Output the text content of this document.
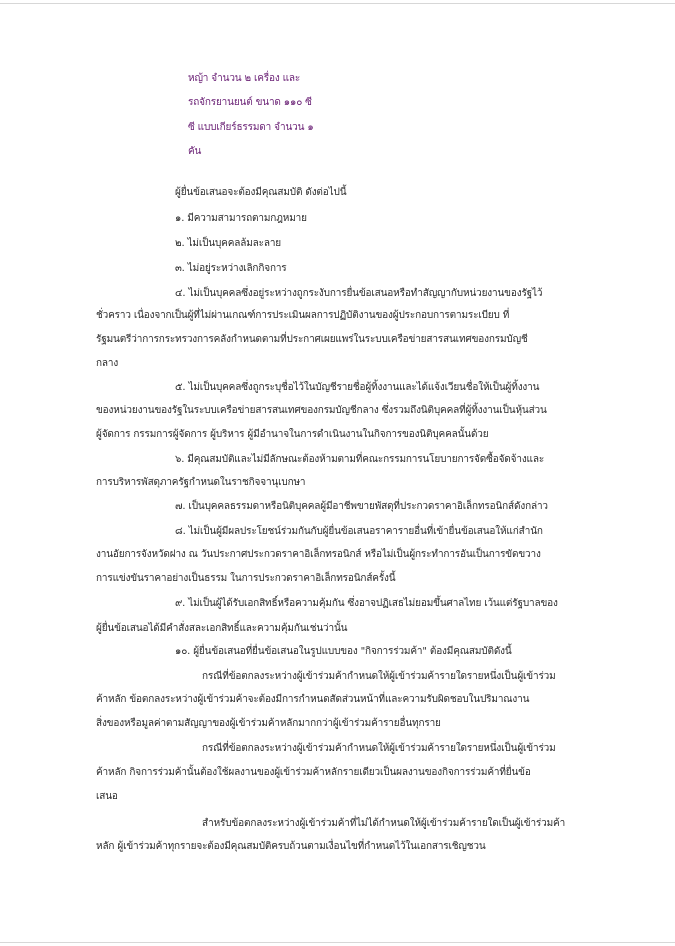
หญ้า จำนวน ๒ เครื่อง และ
รถจักรยานยนต์ ขนาด ๑๑๐ ซี
ซี แบบเกียร์ธรรมดา จำนวน ๑
คัน
ผู้ยื่นข้อเสนอจะต้องมีคุณสมบัติ ดังต่อไปนี้
๑. มีความสามารถตามกฎหมาย
๒. ไม่เป็นบุคคลล้มละลาย
๓. ไม่อยู่ระหว่างเลิกกิจการ
๔. ไม่เป็นบุคคลซึ่งอยู่ระหว่างถูกระงับการยื่นข้อเสนอหรือทำสัญญากับหน่วยงานของรัฐไว้
ชั่วคราว เนื่องจากเป็นผู้ที่ไม่ผ่านเกณฑ์การประเมินผลการปฏิบัติงานของผู้ประกอบการตามระเบียบ ที่
รัฐมนตรีว่าการกระทรวงการคลังกำหนดตามที่ประกาศเผยแพร่ในระบบเครือข่ายสารสนเทศของกรมบัญชี
กลาง
๕. ไม่เป็นบุคคลซึ่งถูกระบุชื่อไว้ในบัญชีรายชื่อผู้ทิ้งงานและได้แจ้งเวียนชื่อให้เป็นผู้ทิ้งงาน
ของหน่วยงานของรัฐในระบบเครือข่ายสารสนเทศของกรมบัญชีกลาง ซึ่งรวมถึงนิติบุคคลที่ผู้ทิ้งงานเป็นหุ้นส่วน
ผู้จัดการ กรรมการผู้จัดการ ผู้บริหาร ผู้มีอำนาจในการดำเนินงานในกิจการของนิติบุคคลนั้นด้วย
๖. มีคุณสมบัติและไม่มีลักษณะต้องห้ามตามที่คณะกรรมการนโยบายการจัดซื้อจัดจ้างและ
การบริหารพัสดุภาครัฐกำหนดในราชกิจจานุเบกษา
๗. เป็นบุคคลธรรมดาหรือนิติบุคคลผู้มีอาชีพขายพัสดุที่ประกวดราคาอิเล็กทรอนิกส์ดังกล่าว
๘. ไม่เป็นผู้มีผลประโยชน์ร่วมกันกับผู้ยื่นข้อเสนอราคารายอื่นที่เข้ายื่นข้อเสนอให้แก่สำนัก
งานอัยการจังหวัดฝาง ณ วันประกาศประกวดราคาอิเล็กทรอนิกส์ หรือไม่เป็นผู้กระทำการอันเป็นการขัดขวาง
การแข่งขันราคาอย่างเป็นธรรม ในการประกวดราคาอิเล็กทรอนิกส์ครั้งนี้
๙. ไม่เป็นผู้ได้รับเอกสิทธิ์หรือความคุ้มกัน ซึ่งอาจปฏิเสธไม่ยอมขึ้นศาลไทย เว้นแต่รัฐบาลของ
ผู้ยื่นข้อเสนอได้มีคำสั่งสละเอกสิทธิ์และความคุ้มกันเช่นว่านั้น
๑๐. ผู้ยื่นข้อเสนอที่ยื่นข้อเสนอในรูปแบบของ "กิจการร่วมค้า" ต้องมีคุณสมบัติดังนี้
กรณีที่ข้อตกลงระหว่างผู้เข้าร่วมค้ากำหนดให้ผู้เข้าร่วมค้ารายใดรายหนึ่งเป็นผู้เข้าร่วม
ค้าหลัก ข้อตกลงระหว่างผู้เข้าร่วมค้าจะต้องมีการกำหนดสัดส่วนหน้าที่และความรับผิดชอบในปริมาณงาน
สิ่งของหรือมูลค่าตามสัญญาของผู้เข้าร่วมค้าหลักมากกว่าผู้เข้าร่วมค้ารายอื่นทุกราย
กรณีที่ข้อตกลงระหว่างผู้เข้าร่วมค้ากำหนดให้ผู้เข้าร่วมค้ารายใดรายหนึ่งเป็นผู้เข้าร่วม
ค้าหลัก กิจการร่วมค้านั้นต้องใช้ผลงานของผู้เข้าร่วมค้าหลักรายเดียวเป็นผลงานของกิจการร่วมค้าที่ยื่นข้อ
เสนอ
สำหรับข้อตกลงระหว่างผู้เข้าร่วมค้าที่ไม่ได้กำหนดให้ผู้เข้าร่วมค้ารายใดเป็นผู้เข้าร่วมค้า
หลัก ผู้เข้าร่วมค้าทุกรายจะต้องมีคุณสมบัติครบถ้วนตามเงื่อนไขที่กำหนดไว้ในเอกสารเชิญชวน
